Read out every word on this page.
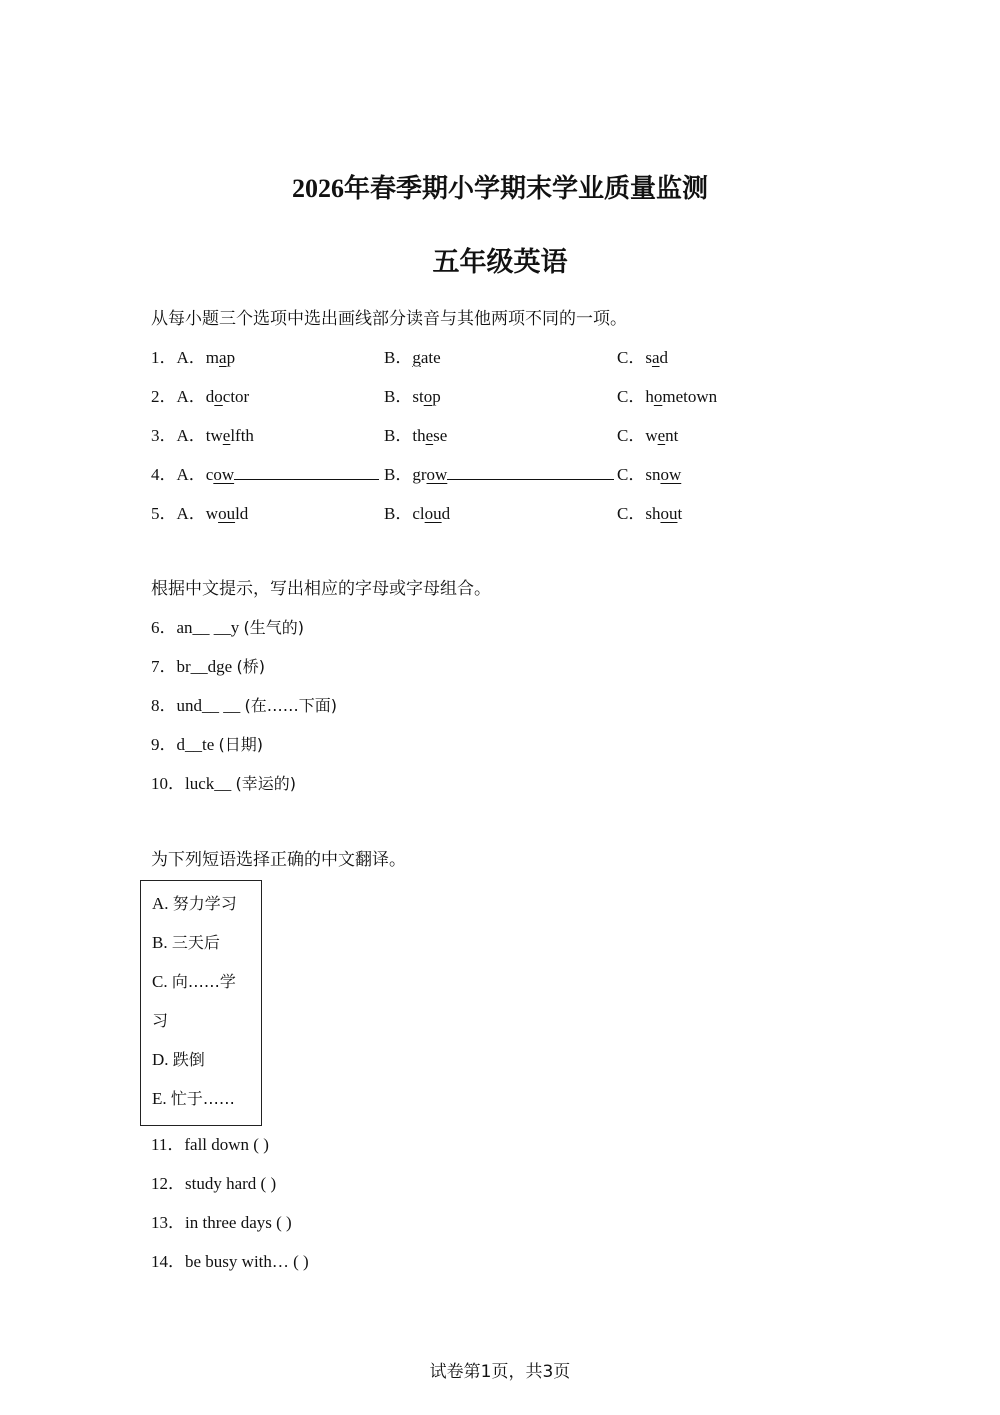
2026年春季期小学期末学业质量监测
五年级英语
从每小题三个选项中选出画线部分读音与其他两项不同的一项。
1．A．map	B．gate	C．sad
2．A．doctor	B．stop	C．hometown
3．A．twelfth	B．these	C．went
4．A．cow	B．grow	C．snow
5．A．would	B．cloud	C．shout
根据中文提示，写出相应的字母或字母组合。
6．an__ __y (生气的)
7．br__dge (桥)
8．und__ __ (在……下面)
9．d__te (日期)
10．luck__ (幸运的)
为下列短语选择正确的中文翻译。
A. 努力学习
B. 三天后
C. 向……学
习
D. 跌倒
E. 忙于……
11．fall down ( )
12．study hard ( )
13．in three days ( )
14．be busy with… ( )
试卷第1页，共3页
